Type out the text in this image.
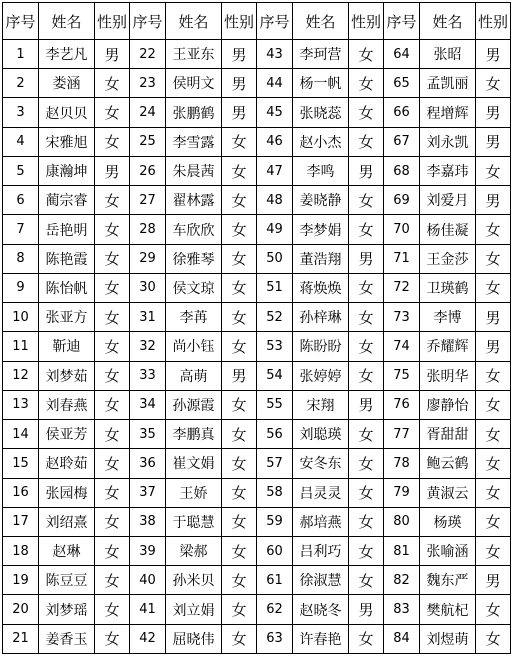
序号	姓名	性别	序号	姓名	性别	序号	姓名	性别	序号	姓名	性别
1	李艺凡	男	22	王亚东	男	43	李珂营	女	64	张昭	男
2	娄涵	女	23	侯明文	男	44	杨一帆	女	65	孟凯丽	女
3	赵贝贝	女	24	张鹏鹤	男	45	张晓蕊	女	66	程增辉	男
4	宋雅旭	女	25	李雪露	女	46	赵小杰	女	67	刘永凯	男
5	康瀚坤	男	26	朱晨茜	女	47	李鸣	男	68	李嘉玮	女
6	蔺宗睿	女	27	翟林露	女	48	姜晓静	女	69	刘爱月	男
7	岳艳明	女	28	车欣欣	女	49	李梦娟	女	70	杨佳凝	女
8	陈艳霞	女	29	徐雅琴	女	50	董浩翔	男	71	王金莎	女
9	陈怡帆	女	30	侯文琼	女	51	蒋焕焕	女	72	卫瑛鹤	女
10	张亚方	女	31	李苒	女	52	孙梓琳	女	73	李博	男
11	靳迪	女	32	尚小钰	女	53	陈盼盼	女	74	乔耀辉	男
12	刘梦茹	女	33	高萌	男	54	张婷婷	女	75	张明华	女
13	刘春燕	女	34	孙源霞	女	55	宋翔	男	76	廖静怡	女
14	侯亚芳	女	35	李鹏真	女	56	刘聪瑛	女	77	胥甜甜	女
15	赵聆茹	女	36	崔文娟	女	57	安冬东	女	78	鲍云鹤	女
16	张园梅	女	37	王娇	女	58	吕灵灵	女	79	黄淑云	女
17	刘绍熹	女	38	于聪慧	女	59	郝培燕	女	80	杨瑛	女
18	赵琳	女	39	梁郝	女	60	吕利巧	女	81	张喻涵	女
19	陈豆豆	女	40	孙米贝	女	61	徐淑慧	女	82	魏东严	男
20	刘梦瑶	女	41	刘立娟	女	62	赵晓冬	男	83	樊航杞	女
21	姜香玉	女	42	屈晓伟	女	63	许春艳	女	84	刘煜萌	女
